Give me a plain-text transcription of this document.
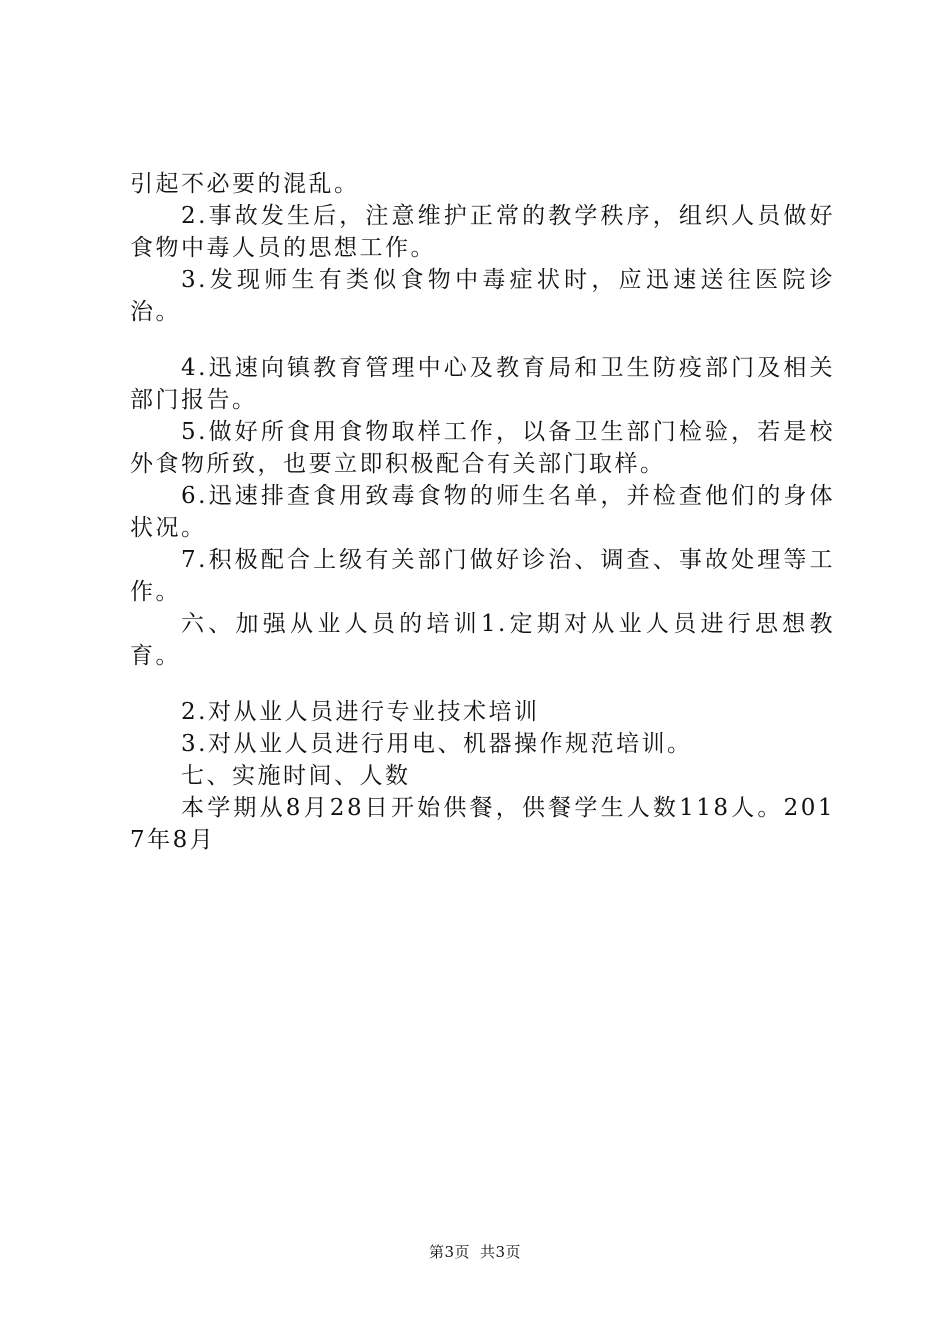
引起不必要的混乱。

2.事故发生后，注意维护正常的教学秩序，组织人员做好食物中毒人员的思想工作。

3.发现师生有类似食物中毒症状时，应迅速送往医院诊治。

4.迅速向镇教育管理中心及教育局和卫生防疫部门及相关部门报告。

5.做好所食用食物取样工作，以备卫生部门检验，若是校外食物所致，也要立即积极配合有关部门取样。

6.迅速排查食用致毒食物的师生名单，并检查他们的身体状况。

7.积极配合上级有关部门做好诊治、调查、事故处理等工作。

六、加强从业人员的培训1.定期对从业人员进行思想教育。

2.对从业人员进行专业技术培训

3.对从业人员进行用电、机器操作规范培训。

七、实施时间、人数

本学期从8月28日开始供餐，供餐学生人数118人。2017年8月

第3页 共3页
